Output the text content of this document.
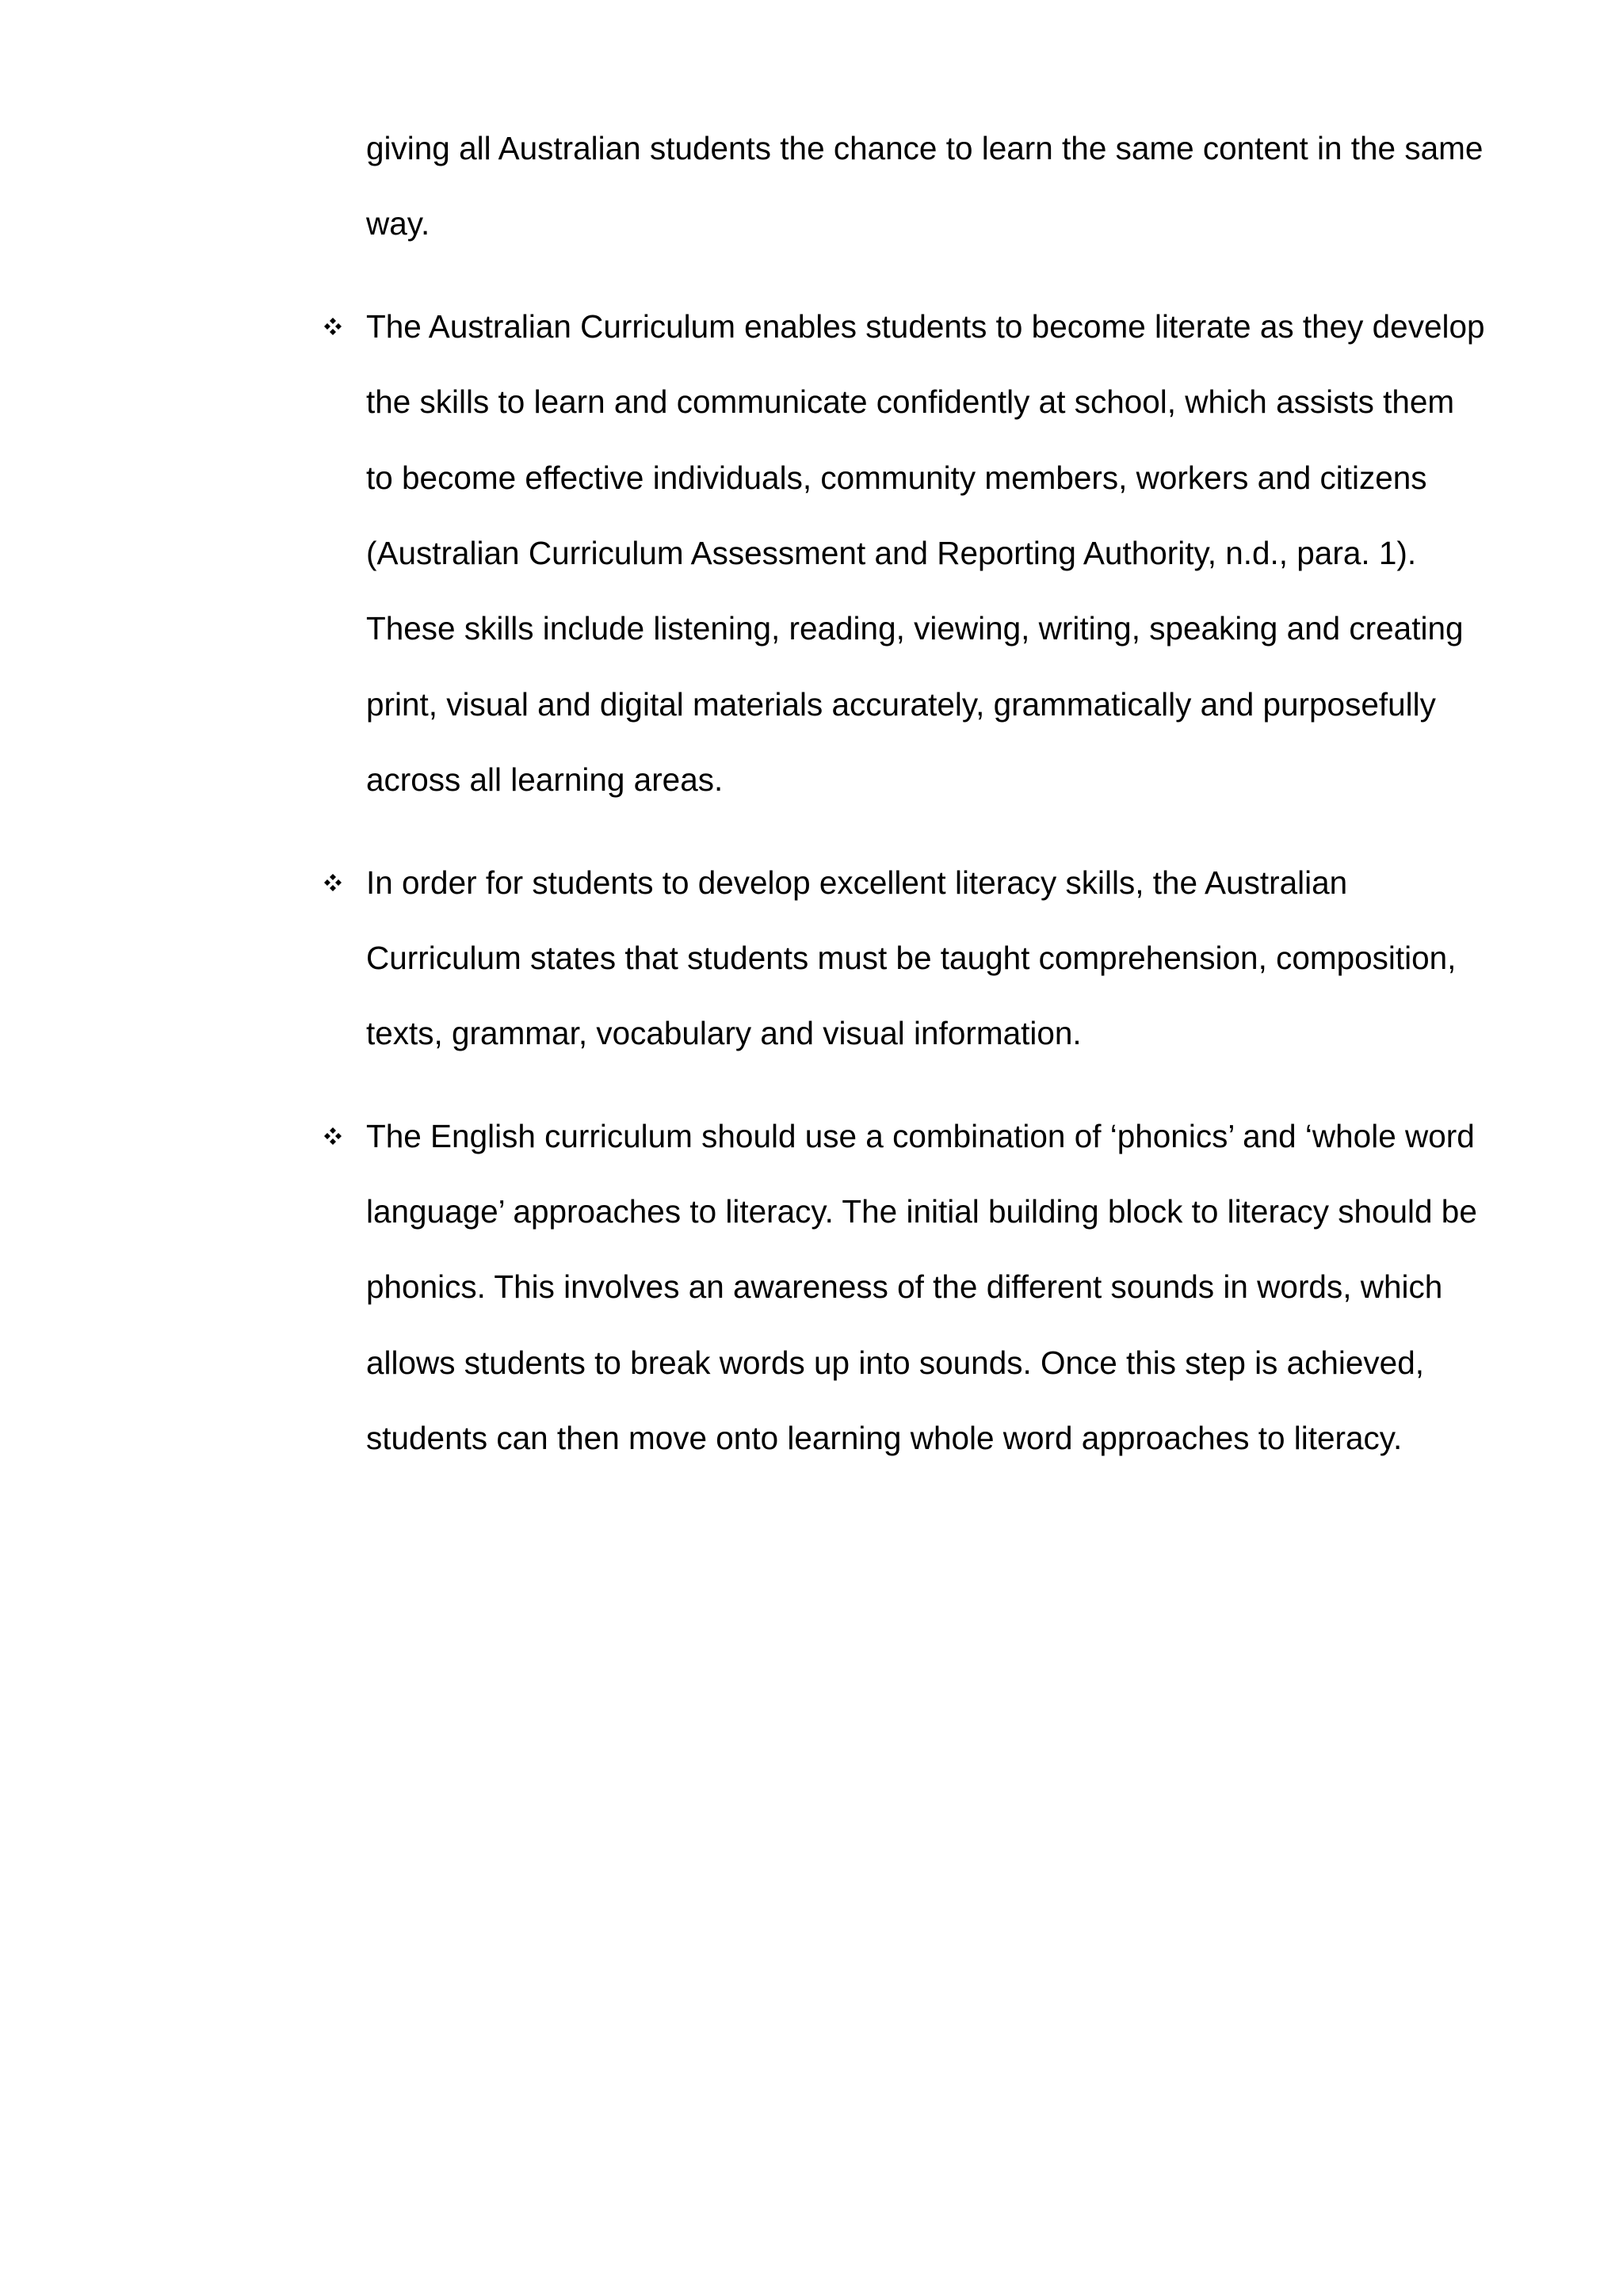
giving all Australian students the chance to learn the same content in the same
way.
The Australian Curriculum enables students to become literate as they develop
the skills to learn and communicate confidently at school, which assists them
to become effective individuals, community members, workers and citizens
(Australian Curriculum Assessment and Reporting Authority, n.d., para. 1).
These skills include listening, reading, viewing, writing, speaking and creating
print, visual and digital materials accurately, grammatically and purposefully
across all learning areas.
In order for students to develop excellent literacy skills, the Australian
Curriculum states that students must be taught comprehension, composition,
texts, grammar, vocabulary and visual information.
The English curriculum should use a combination of ‘phonics’ and ‘whole word
language’ approaches to literacy. The initial building block to literacy should be
phonics. This involves an awareness of the different sounds in words, which
allows students to break words up into sounds. Once this step is achieved,
students can then move onto learning whole word approaches to literacy.
